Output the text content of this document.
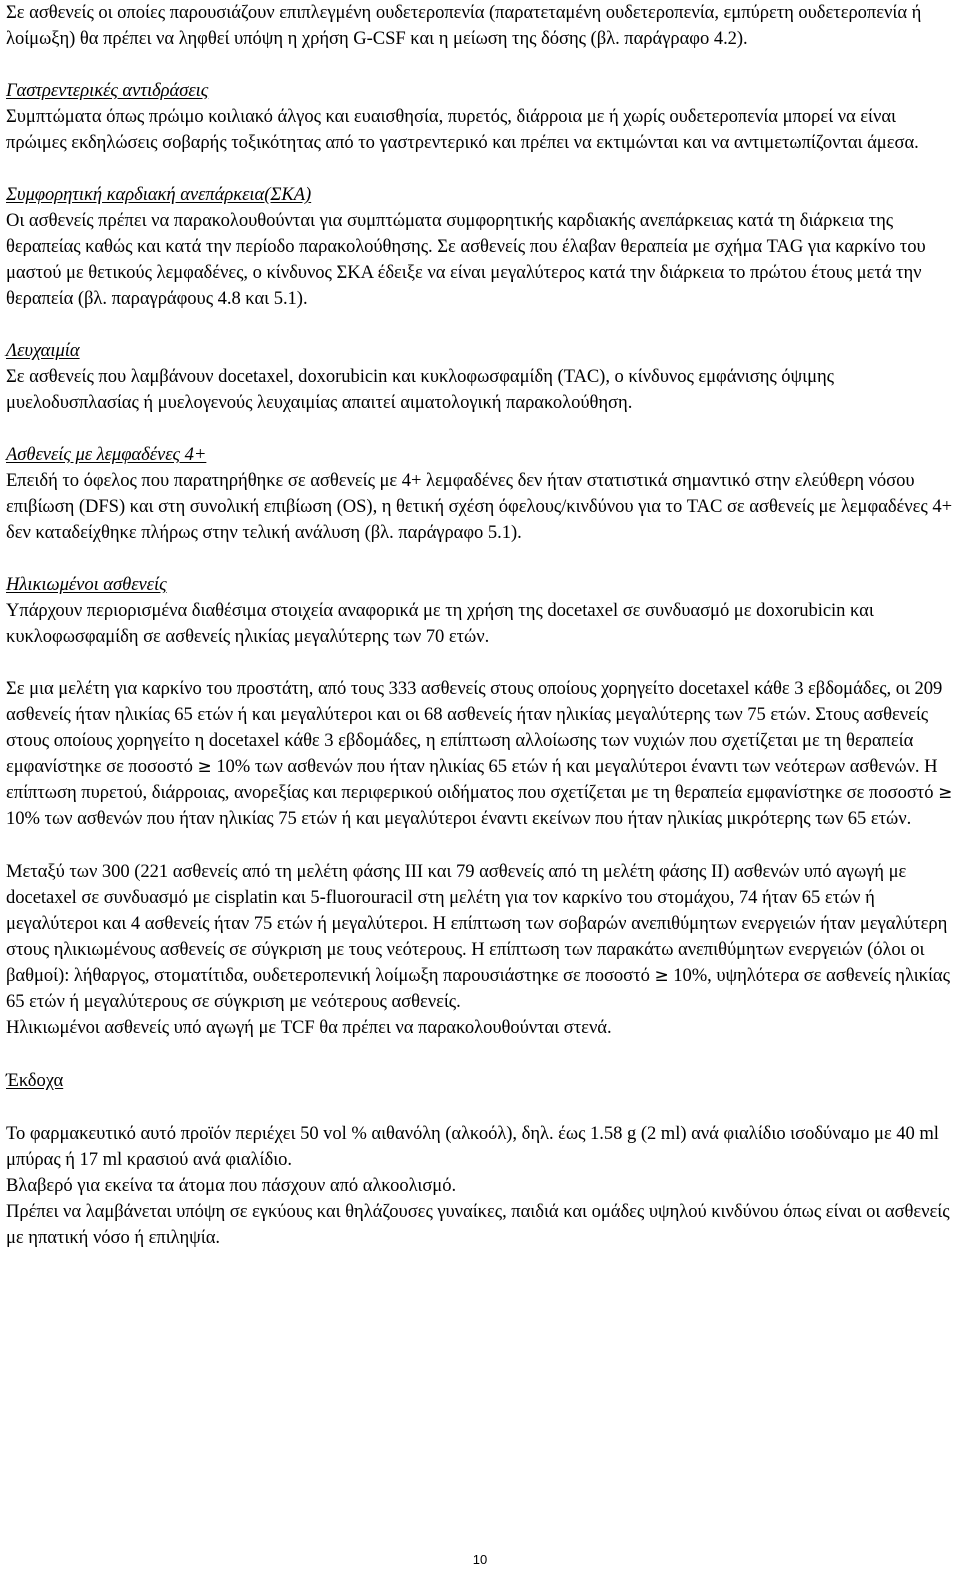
Σε ασθενείς οι οποίες παρουσιάζουν επιπλεγμένη ουδετεροπενία (παρατεταμένη ουδετεροπενία, εμπύρετη ουδετεροπενία ή λοίμωξη) θα πρέπει να ληφθεί υπόψη η χρήση G-CSF και η μείωση της δόσης (βλ. παράγραφο 4.2).

Γαστρεντερικές αντιδράσεις

Συμπτώματα όπως πρώιμο κοιλιακό άλγος και ευαισθησία, πυρετός, διάρροια με ή χωρίς ουδετεροπενία μπορεί να είναι πρώιμες εκδηλώσεις σοβαρής τοξικότητας από το γαστρεντερικό και πρέπει να εκτιμώνται και να αντιμετωπίζονται άμεσα.

Συμφορητική καρδιακή ανεπάρκεια(ΣΚΑ)

Οι ασθενείς πρέπει να παρακολουθούνται για συμπτώματα συμφορητικής καρδιακής ανεπάρκειας κατά τη διάρκεια της θεραπείας καθώς και κατά την περίοδο παρακολούθησης. Σε ασθενείς που έλαβαν θεραπεία με σχήμα TAG για καρκίνο του μαστού με θετικούς λεμφαδένες, ο κίνδυνος ΣΚΑ έδειξε να είναι μεγαλύτερος κατά την διάρκεια το πρώτου έτους μετά την θεραπεία (βλ. παραγράφους 4.8 και 5.1).

Λευχαιμία

Σε ασθενείς που λαμβάνουν docetaxel, doxorubicin και κυκλοφωσφαμίδη (TAC), ο κίνδυνος εμφάνισης όψιμης μυελοδυσπλασίας ή μυελογενούς λευχαιμίας απαιτεί αιματολογική παρακολούθηση.

Ασθενείς με λεμφαδένες 4+

Επειδή το όφελος που παρατηρήθηκε σε ασθενείς με 4+ λεμφαδένες δεν ήταν στατιστικά σημαντικό στην ελεύθερη νόσου επιβίωση (DFS) και στη συνολική επιβίωση (OS), η θετική σχέση όφελους/κινδύνου για το TAC σε ασθενείς με λεμφαδένες 4+ δεν καταδείχθηκε πλήρως στην τελική ανάλυση (βλ. παράγραφο 5.1).

Ηλικιωμένοι ασθενείς

Υπάρχουν περιορισμένα διαθέσιμα στοιχεία αναφορικά με τη χρήση της docetaxel σε συνδυασμό με doxorubicin και κυκλοφωσφαμίδη σε ασθενείς ηλικίας μεγαλύτερης των 70 ετών.

Σε μια μελέτη για καρκίνο του προστάτη, από τους 333 ασθενείς στους οποίους χορηγείτο docetaxel κάθε 3 εβδομάδες, οι 209 ασθενείς ήταν ηλικίας 65 ετών ή και μεγαλύτεροι και οι 68 ασθενείς ήταν ηλικίας μεγαλύτερης των 75 ετών. Στους ασθενείς στους οποίους χορηγείτο η docetaxel κάθε 3 εβδομάδες, η επίπτωση αλλοίωσης των νυχιών που σχετίζεται με τη θεραπεία εμφανίστηκε σε ποσοστό ≥ 10% των ασθενών που ήταν ηλικίας 65 ετών ή και μεγαλύτεροι έναντι των νεότερων ασθενών. Η επίπτωση πυρετού, διάρροιας, ανορεξίας και περιφερικού οιδήματος που σχετίζεται με τη θεραπεία εμφανίστηκε σε ποσοστό ≥ 10% των ασθενών που ήταν ηλικίας 75 ετών ή και μεγαλύτεροι έναντι εκείνων που ήταν ηλικίας μικρότερης των 65 ετών.

Μεταξύ των 300 (221 ασθενείς από τη μελέτη φάσης III και 79 ασθενείς από τη μελέτη φάσης II) ασθενών υπό αγωγή με docetaxel σε συνδυασμό με cisplatin και 5-fluorouracil στη μελέτη για τον καρκίνο του στομάχου, 74 ήταν 65 ετών ή μεγαλύτεροι και 4 ασθενείς ήταν 75 ετών ή μεγαλύτεροι. Η επίπτωση των σοβαρών ανεπιθύμητων ενεργειών ήταν μεγαλύτερη στους ηλικιωμένους ασθενείς σε σύγκριση με τους νεότερους. Η επίπτωση των παρακάτω ανεπιθύμητων ενεργειών (όλοι οι βαθμοί): λήθαργος, στοματίτιδα, ουδετεροπενική λοίμωξη παρουσιάστηκε σε ποσοστό ≥ 10%, υψηλότερα σε ασθενείς ηλικίας 65 ετών ή μεγαλύτερους σε σύγκριση με νεότερους ασθενείς.

Ηλικιωμένοι ασθενείς υπό αγωγή με TCF θα πρέπει να παρακολουθούνται στενά.

Έκδοχα

Το φαρμακευτικό αυτό προϊόν περιέχει 50 vol % αιθανόλη (αλκοόλ), δηλ. έως 1.58 g (2 ml) ανά φιαλίδιο ισοδύναμο με 40 ml μπύρας ή 17 ml κρασιού ανά φιαλίδιο.

Βλαβερό για εκείνα τα άτομα που πάσχουν από αλκοολισμό.

Πρέπει να λαμβάνεται υπόψη σε εγκύους και θηλάζουσες γυναίκες, παιδιά και ομάδες υψηλού κινδύνου όπως είναι οι ασθενείς με ηπατική νόσο ή επιληψία.

10
